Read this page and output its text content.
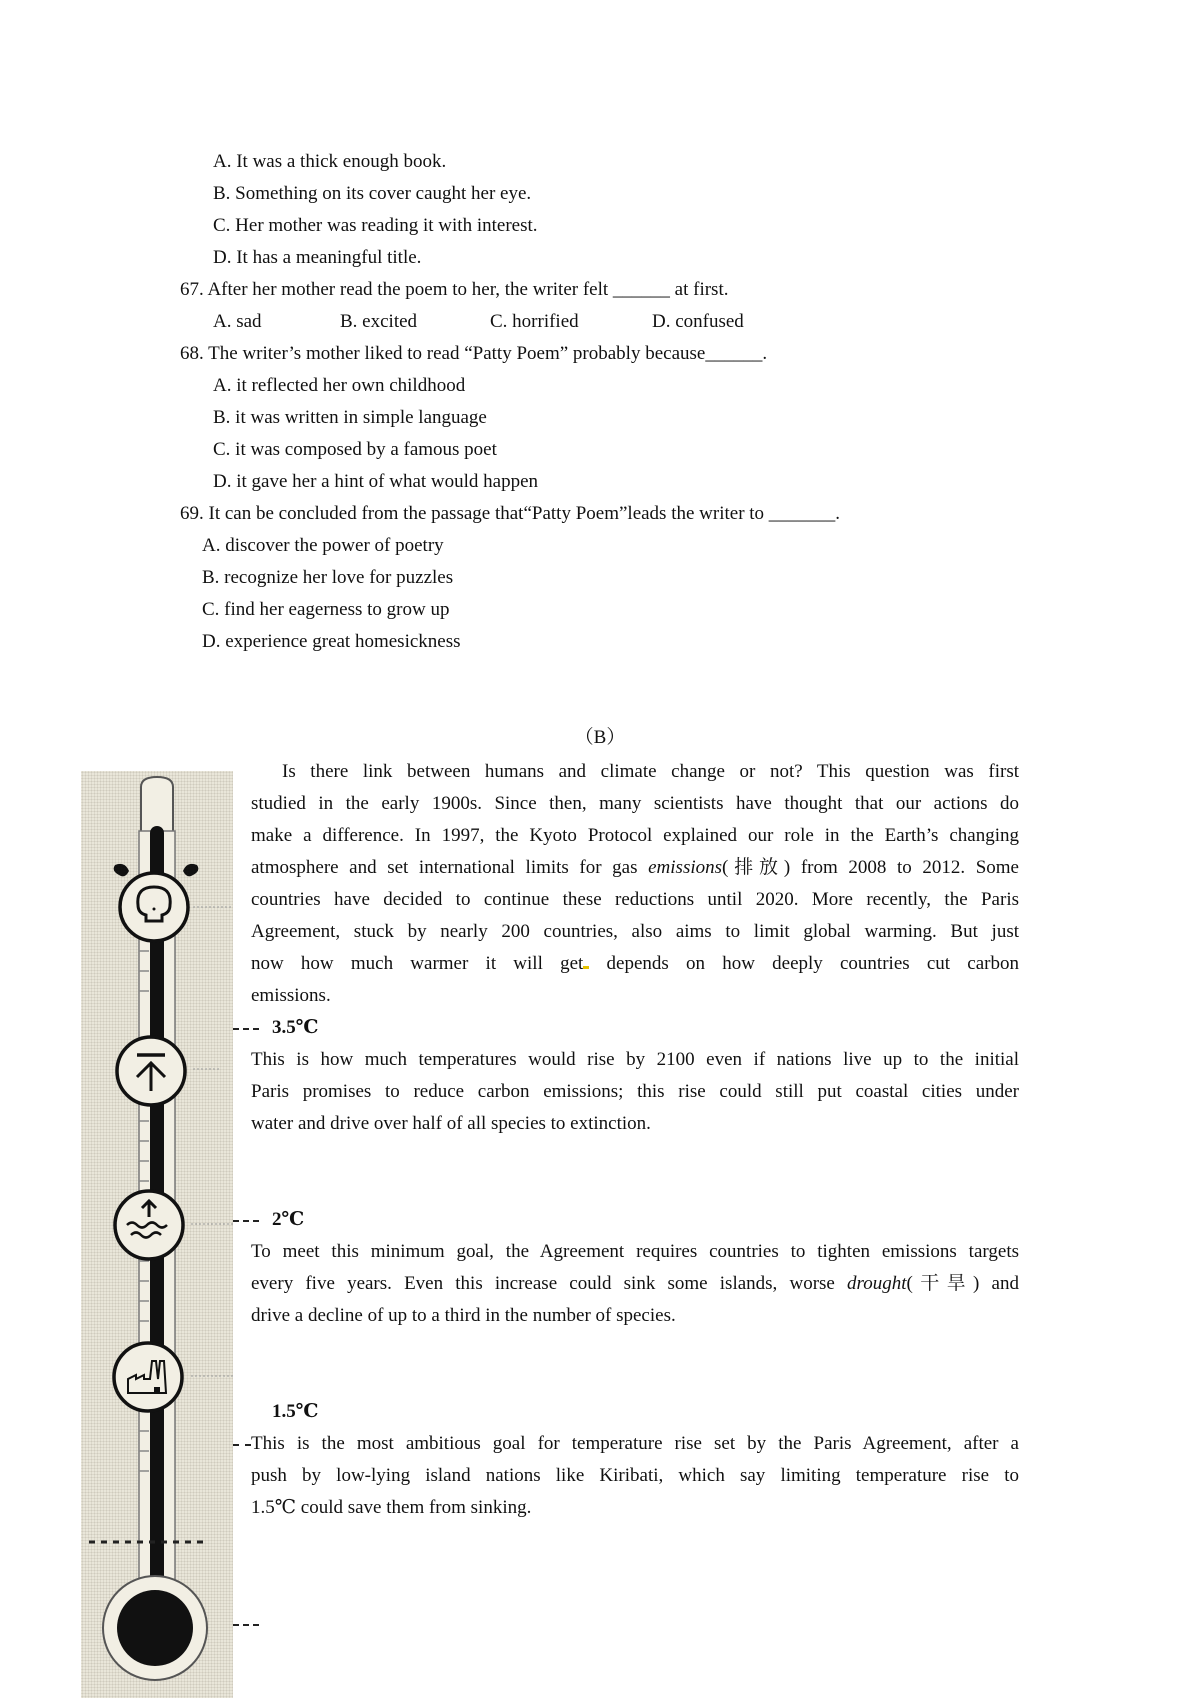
A. It was a thick enough book.
B. Something on its cover caught her eye.
C. Her mother was reading it with interest.
D. It has a meaningful title.
67. After her mother read the poem to her, the writer felt ______ at first.
A. sad	B. excited	C. horrified	D. confused
68. The writer’s mother liked to read “Patty Poem” probably because______.
A. it reflected her own childhood
B. it was written in simple language
C. it was composed by a famous poet
D. it gave her a hint of what would happen
69. It can be concluded from the passage that“Patty Poem”leads the writer to _______.
A. discover the power of poetry
B. recognize her love for puzzles
C. find her eagerness to grow up
D. experience great homesickness
（B）
Is there link between humans and climate change or not? This question was first
studied in the early 1900s. Since then, many scientists have thought that our actions do
make a difference. In 1997, the Kyoto Protocol explained our role in the Earth’s changing
atmosphere and set international limits for gas emissions(排放) from 2008 to 2012. Some
countries have decided to continue these reductions until 2020. More recently, the Paris
Agreement, stuck by nearly 200 countries, also aims to limit global warming. But just
now how much warmer it will get depends on how deeply countries cut carbon
emissions.
3.5℃
This is how much temperatures would rise by 2100 even if nations live up to the initial
Paris promises to reduce carbon emissions; this rise could still put coastal cities under
water and drive over half of all species to extinction.
2℃
To meet this minimum goal, the Agreement requires countries to tighten emissions targets
every five years. Even this increase could sink some islands, worse drought(干旱) and
drive a decline of up to a third in the number of species.
1.5℃
This is the most ambitious goal for temperature rise set by the Paris Agreement, after a
push by low-lying island nations like Kiribati, which say limiting temperature rise to
1.5℃ could save them from sinking.
